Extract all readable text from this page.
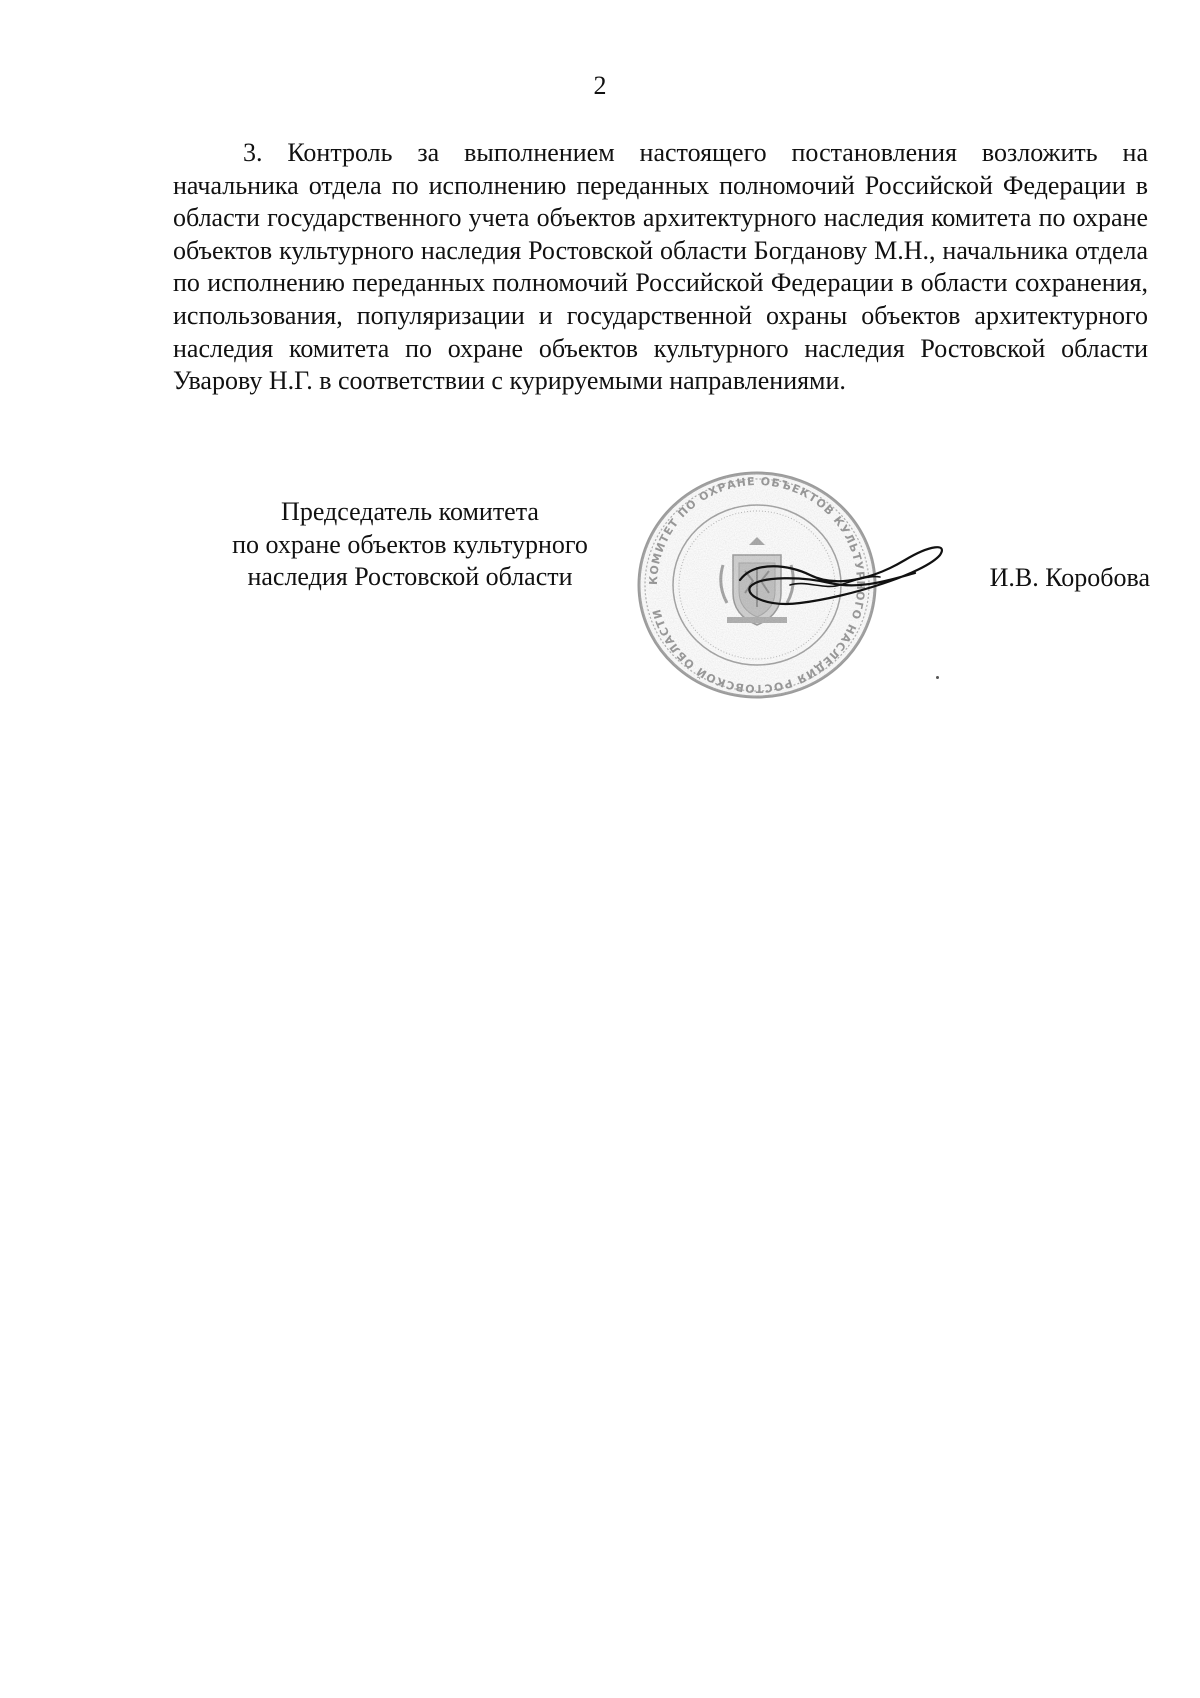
2

3. Контроль за выполнением настоящего постановления возложить на начальника отдела по исполнению переданных полномочий Российской Федерации в области государственного учета объектов архитектурного наследия комитета по охране объектов культурного наследия Ростовской области Богданову М.Н., начальника отдела по исполнению переданных полномочий Российской Федерации в области сохранения, использования, популяризации и государственной охраны объектов архитектурного наследия комитета по охране объектов культурного наследия Ростовской области Уварову Н.Г. в соответствии с курируемыми направлениями.

Председатель комитета
по охране объектов культурного
наследия Ростовской области	И.В. Коробова
